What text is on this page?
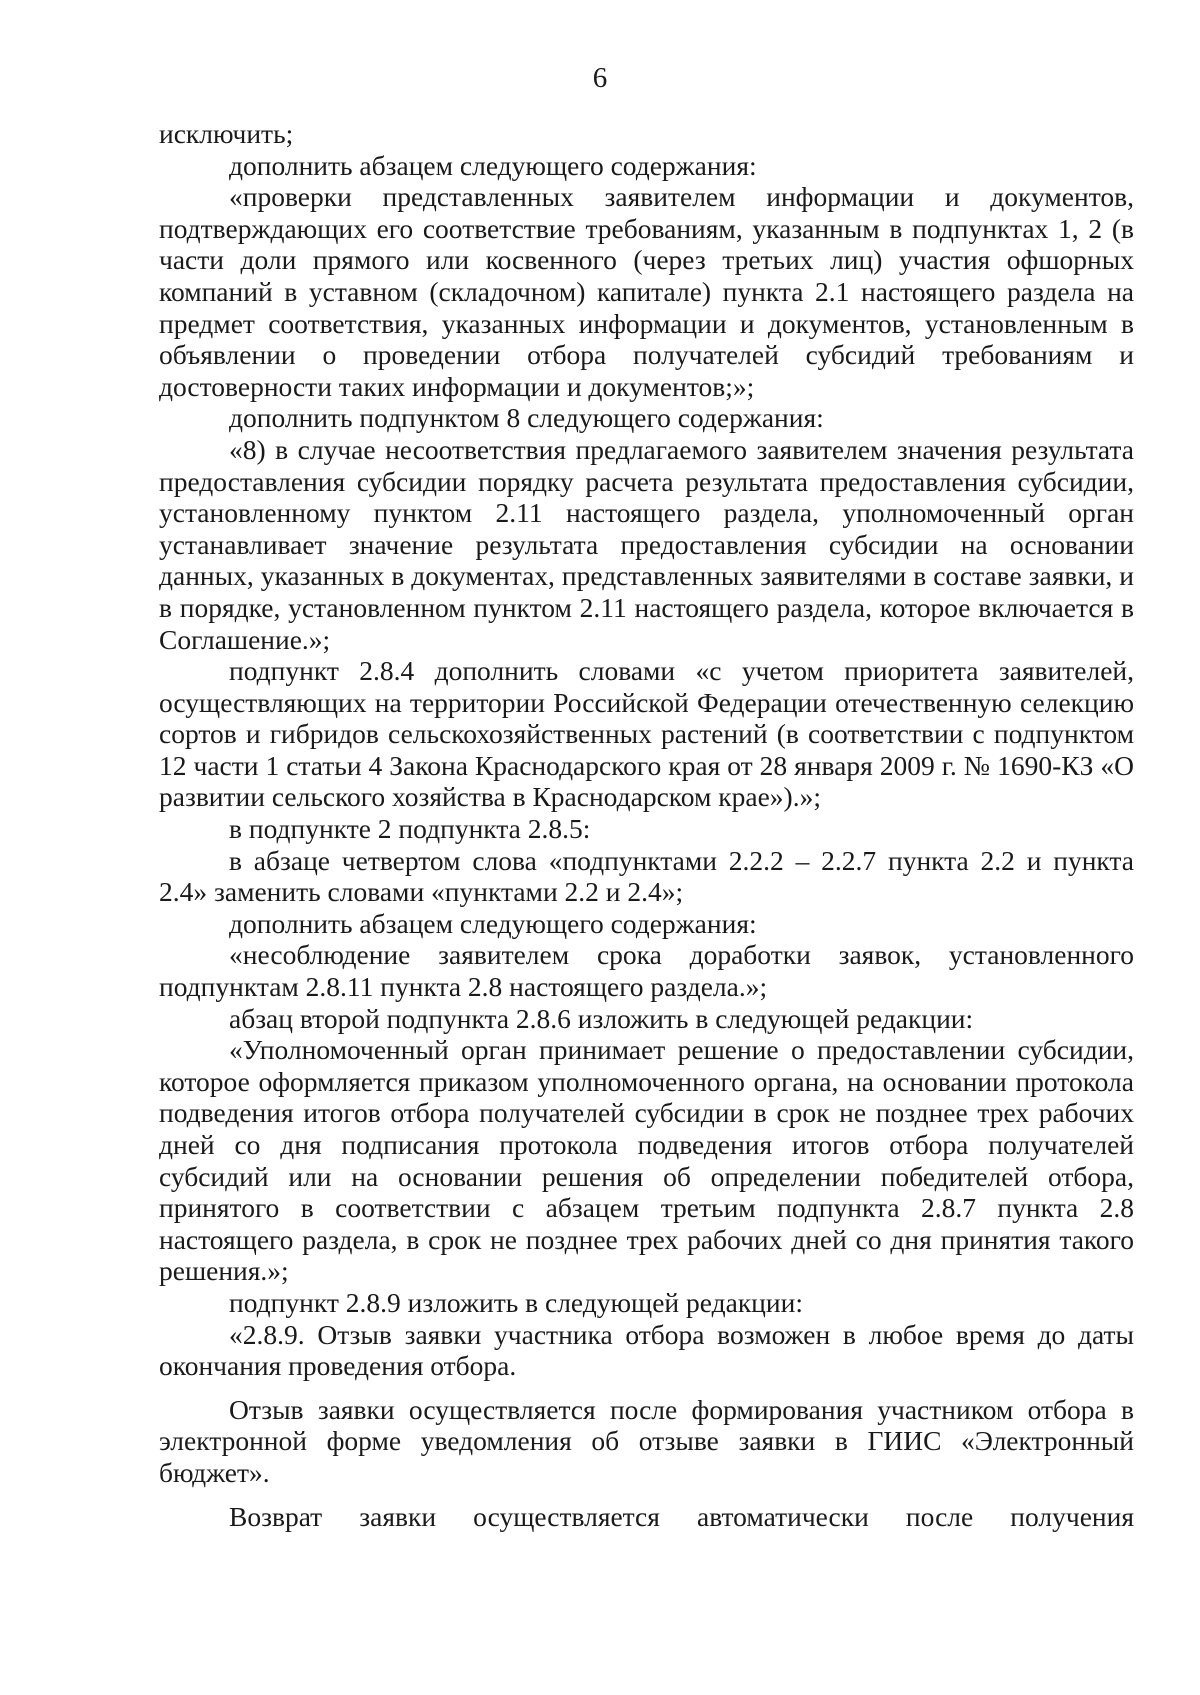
6

исключить;

дополнить абзацем следующего содержания:

«проверки представленных заявителем информации и документов, подтверждающих его соответствие требованиям, указанным в подпунктах 1, 2 (в части доли прямого или косвенного (через третьих лиц) участия офшорных компаний в уставном (складочном) капитале) пункта 2.1 настоящего раздела на предмет соответствия, указанных информации и документов, установленным в объявлении о проведении отбора получателей субсидий требованиям и достоверности таких информации и документов;»;

дополнить подпунктом 8 следующего содержания:

«8) в случае несоответствия предлагаемого заявителем значения результата предоставления субсидии порядку расчета результата предоставления субсидии, установленному пунктом 2.11 настоящего раздела, уполномоченный орган устанавливает значение результата предоставления субсидии на основании данных, указанных в документах, представленных заявителями в составе заявки, и в порядке, установленном пунктом 2.11 настоящего раздела, которое включается в Соглашение.»;

подпункт 2.8.4 дополнить словами «с учетом приоритета заявителей, осуществляющих на территории Российской Федерации отечественную селекцию сортов и гибридов сельскохозяйственных растений (в соответствии с подпунктом 12 части 1 статьи 4 Закона Краснодарского края от 28 января 2009 г. № 1690-КЗ «О развитии сельского хозяйства в Краснодарском крае»).»;

в подпункте 2 подпункта 2.8.5:

в абзаце четвертом слова «подпунктами 2.2.2 – 2.2.7 пункта 2.2 и пункта 2.4» заменить словами «пунктами 2.2 и 2.4»;

дополнить абзацем следующего содержания:

«несоблюдение заявителем срока доработки заявок, установленного подпунктам 2.8.11 пункта 2.8 настоящего раздела.»;

абзац второй подпункта 2.8.6 изложить в следующей редакции:

«Уполномоченный орган принимает решение о предоставлении субсидии, которое оформляется приказом уполномоченного органа, на основании протокола подведения итогов отбора получателей субсидии в срок не позднее трех рабочих дней со дня подписания протокола подведения итогов отбора получателей субсидий или на основании решения об определении победителей отбора, принятого в соответствии с абзацем третьим подпункта 2.8.7 пункта 2.8 настоящего раздела, в срок не позднее трех рабочих дней со дня принятия такого решения.»;

подпункт 2.8.9 изложить в следующей редакции:

«2.8.9. Отзыв заявки участника отбора возможен в любое время до даты окончания проведения отбора.

Отзыв заявки осуществляется после формирования участником отбора в электронной форме уведомления об отзыве заявки в ГИИС «Электронный бюджет».

Возврат заявки осуществляется автоматически после получения
